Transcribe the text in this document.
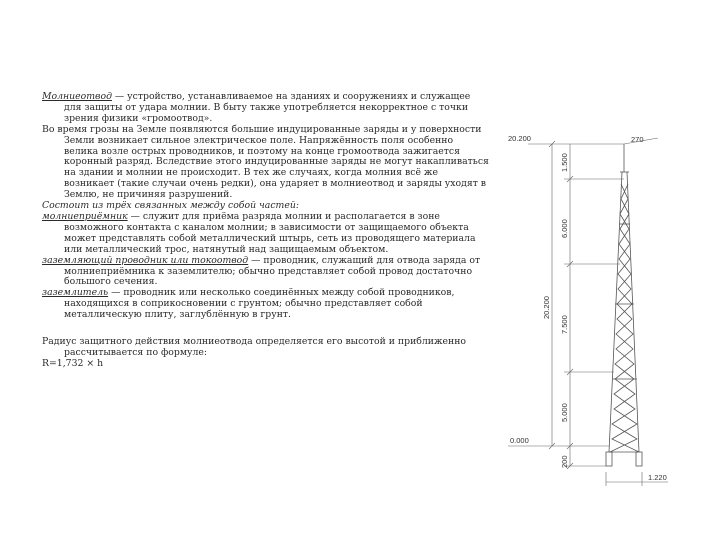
Молниеотвод — устройство, устанавливаемое на зданиях и сооружениях и служащее для защиты от удара молнии. В быту также употребляется некорректное с точки зрения физики «громоотвод».

Во время грозы на Земле появляются большие индуцированные заряды и у поверхности Земли возникает сильное электрическое поле. Напряжённость поля особенно велика возле острых проводников, и поэтому на конце громоотвода зажигается коронный разряд. Вследствие этого индуцированные заряды не могут накапливаться на здании и молнии не происходит. В тех же случаях, когда молния всё же возникает (такие случаи очень редки), она ударяет в молниеотвод и заряды уходят в Землю, не причиняя разрушений.

Состоит из трёх связанных между собой частей:

молниеприёмник — служит для приёма разряда молнии и располагается в зоне возможного контакта с каналом молнии; в зависимости от защищаемого объекта может представлять собой металлический штырь, сеть из проводящего материала или металлический трос, натянутый над защищаемым объектом.

заземляющий проводник или токоотвод — проводник, служащий для отвода заряда от молниеприёмника к заземлителю; обычно представляет собой провод достаточно большого сечения.

заземлитель — проводник или несколько соединённых между собой проводников, находящихся в соприкосновении с грунтом; обычно представляет собой металлическую плиту, заглублённую в грунт.

Радиус защитного действия молниеотвода определяется его высотой и приближенно рассчитывается по формуле:

R=1,732 × h

20.200	270
0.000
1.220
20.200
1.500
6.000
7.500
5.000
200
